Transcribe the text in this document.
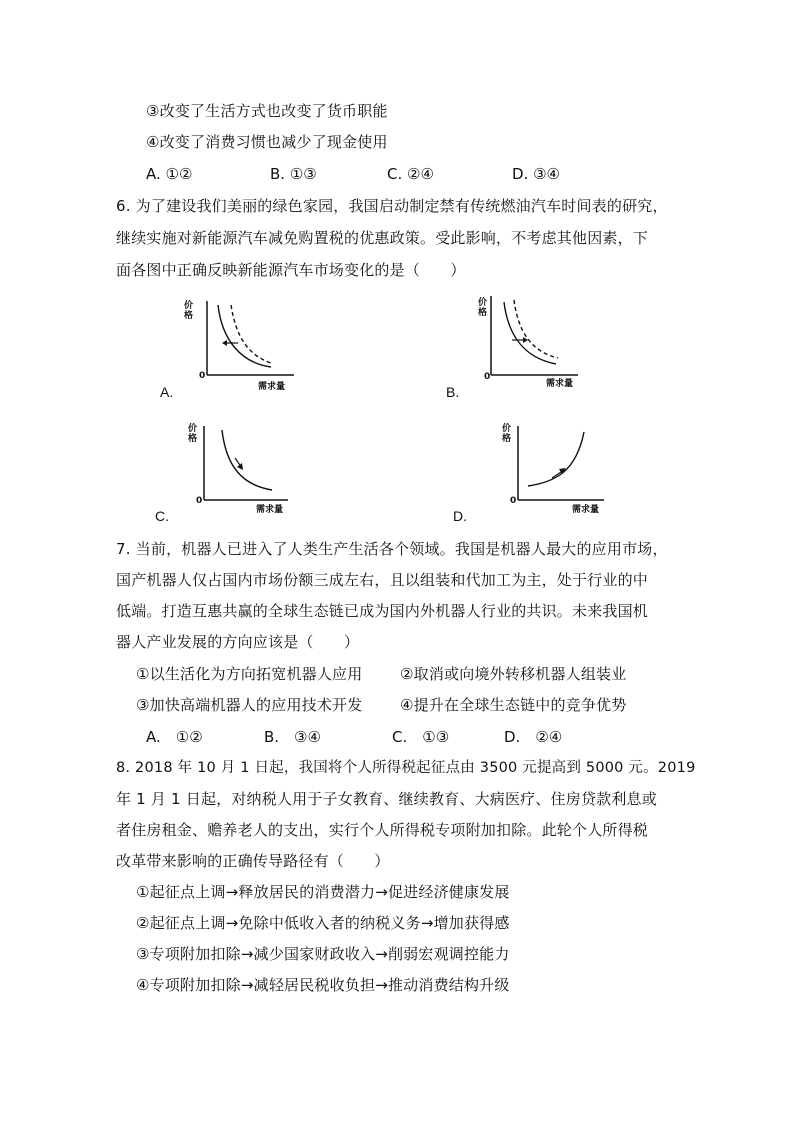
③改变了生活方式也改变了货币职能
④改变了消费习惯也减少了现金使用
A. ①②	B. ①③	C. ②④	D. ③④
6. 为了建设我们美丽的绿色家园，我国启动制定禁有传统燃油汽车时间表的研究，
继续实施对新能源汽车减免购置税的优惠政策。受此影响，不考虑其他因素，下
面各图中正确反映新能源汽车市场变化的是（　　）
价格
0
需求量
A.
价格
0
需求量
B.
价格
0
需求量
C.
价格
0
需求量
D.
7. 当前，机器人已进入了人类生产生活各个领域。我国是机器人最大的应用市场，
国产机器人仅占国内市场份额三成左右，且以组装和代加工为主，处于行业的中
低端。打造互惠共赢的全球生态链已成为国内外机器人行业的共识。未来我国机
器人产业发展的方向应该是（　　）
①以生活化为方向拓宽机器人应用	②取消或向境外转移机器人组装业
③加快高端机器人的应用技术开发	④提升在全球生态链中的竞争优势
A.　①②	B.　③④	C.　①③	D.　②④
8. 2018 年 10 月 1 日起，我国将个人所得税起征点由 3500 元提高到 5000 元。2019
年 1 月 1 日起，对纳税人用于子女教育、继续教育、大病医疗、住房贷款利息或
者住房租金、赡养老人的支出，实行个人所得税专项附加扣除。此轮个人所得税
改革带来影响的正确传导路径有（　　）
①起征点上调→释放居民的消费潜力→促进经济健康发展
②起征点上调→免除中低收入者的纳税义务→增加获得感
③专项附加扣除→减少国家财政收入→削弱宏观调控能力
④专项附加扣除→减轻居民税收负担→推动消费结构升级
